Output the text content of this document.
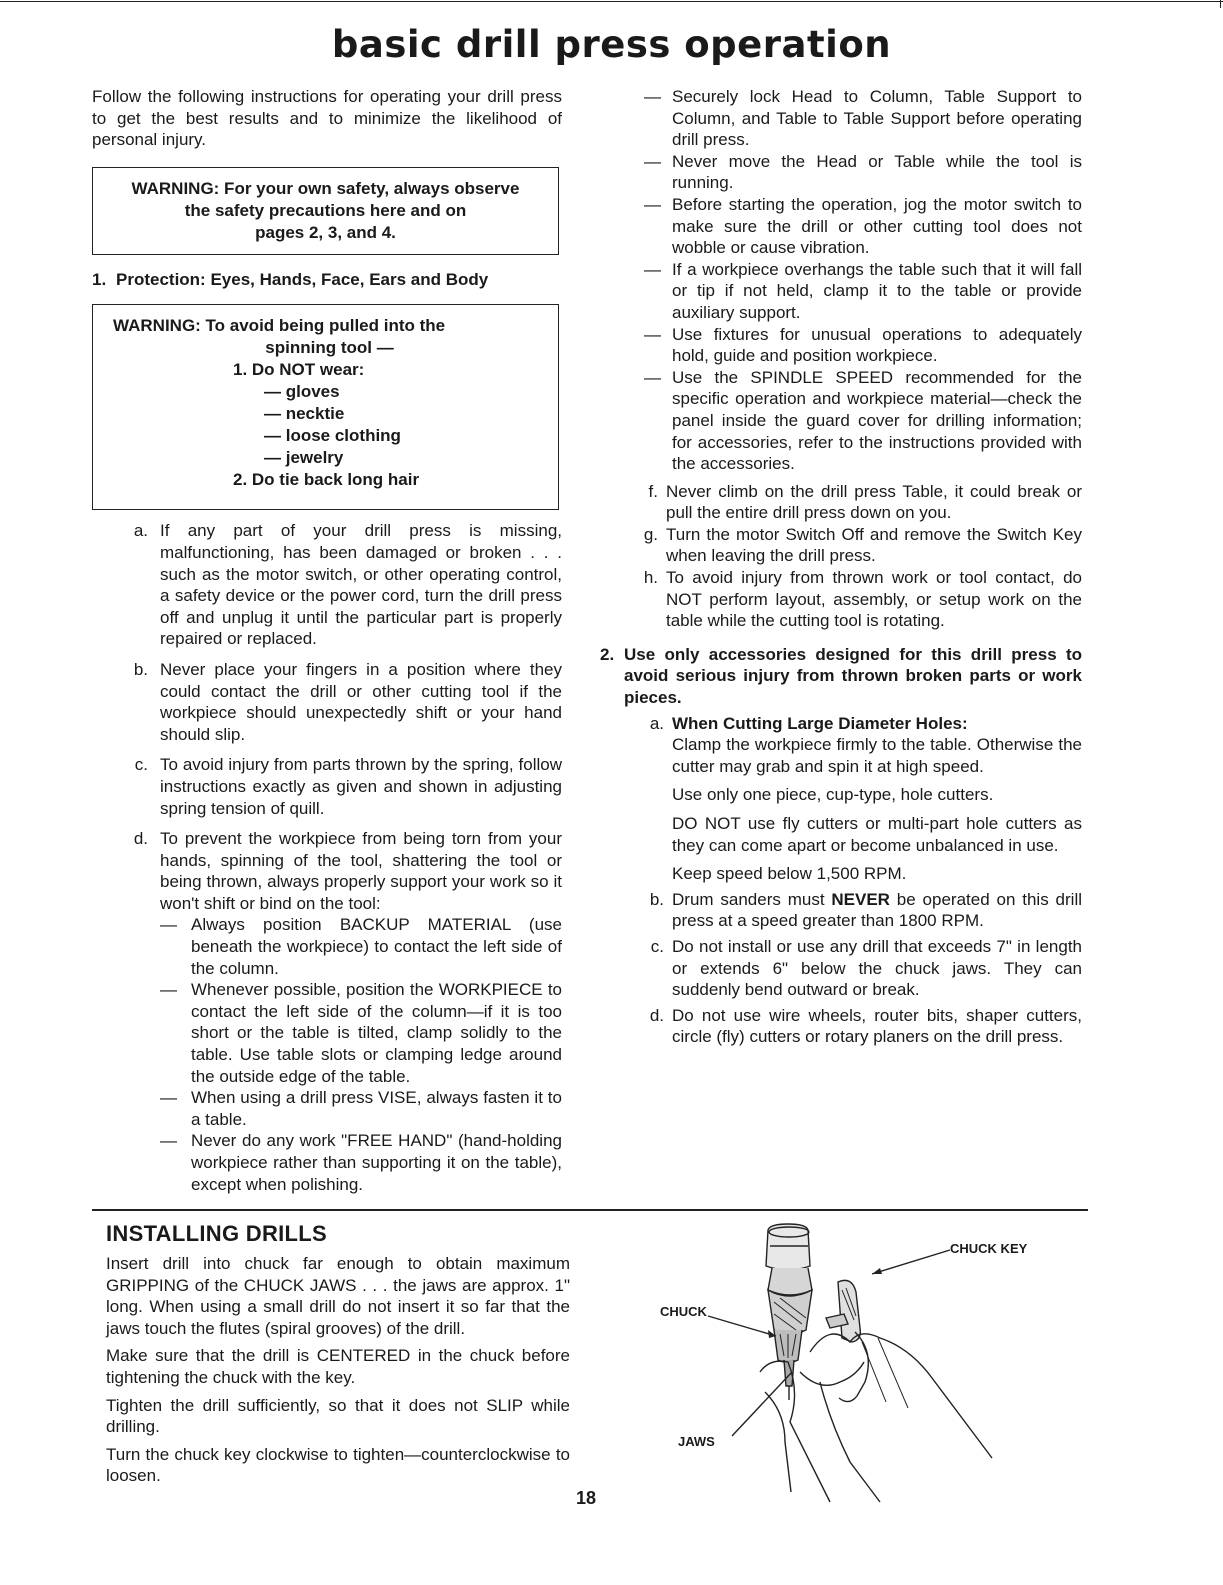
basic drill press operation

Follow the following instructions for operating your drill press to get the best results and to minimize the likelihood of personal injury.

WARNING: For your own safety, always observe
the safety precautions here and on
pages 2, 3, and 4.
1. Protection: Eyes, Hands, Face, Ears and Body
WARNING: To avoid being pulled into the
spinning tool —
1. Do NOT wear:
— gloves
— necktie
— loose clothing
— jewelry
2. Do tie back long hair
a. If any part of your drill press is missing, malfunctioning, has been damaged or broken . . . such as the motor switch, or other operating control, a safety device or the power cord, turn the drill press off and unplug it until the particular part is properly repaired or replaced.
b. Never place your fingers in a position where they could contact the drill or other cutting tool if the workpiece should unexpectedly shift or your hand should slip.
c. To avoid injury from parts thrown by the spring, follow instructions exactly as given and shown in adjusting spring tension of quill.
d. To prevent the workpiece from being torn from your hands, spinning of the tool, shattering the tool or being thrown, always properly support your work so it won't shift or bind on the tool:
— Always position BACKUP MATERIAL (use beneath the workpiece) to contact the left side of the column.
— Whenever possible, position the WORKPIECE to contact the left side of the column—if it is too short or the table is tilted, clamp solidly to the table. Use table slots or clamping ledge around the outside edge of the table.
— When using a drill press VISE, always fasten it to a table.
— Never do any work "FREE HAND" (hand-holding workpiece rather than supporting it on the table), except when polishing.
— Securely lock Head to Column, Table Support to Column, and Table to Table Support before operating drill press.
— Never move the Head or Table while the tool is running.
— Before starting the operation, jog the motor switch to make sure the drill or other cutting tool does not wobble or cause vibration.
— If a workpiece overhangs the table such that it will fall or tip if not held, clamp it to the table or provide auxiliary support.
— Use fixtures for unusual operations to adequately hold, guide and position workpiece.
— Use the SPINDLE SPEED recommended for the specific operation and workpiece material—check the panel inside the guard cover for drilling information; for accessories, refer to the instructions provided with the accessories.
f. Never climb on the drill press Table, it could break or pull the entire drill press down on you.
g. Turn the motor Switch Off and remove the Switch Key when leaving the drill press.
h. To avoid injury from thrown work or tool contact, do NOT perform layout, assembly, or setup work on the table while the cutting tool is rotating.
2. Use only accessories designed for this drill press to avoid serious injury from thrown broken parts or work pieces.
a. When Cutting Large Diameter Holes:

Clamp the workpiece firmly to the table. Otherwise the cutter may grab and spin it at high speed.

Use only one piece, cup-type, hole cutters.

DO NOT use fly cutters or multi-part hole cutters as they can come apart or become unbalanced in use.

Keep speed below 1,500 RPM.

b. Drum sanders must NEVER be operated on this drill press at a speed greater than 1800 RPM.
c. Do not install or use any drill that exceeds 7" in length or extends 6" below the chuck jaws. They can suddenly bend outward or break.
d. Do not use wire wheels, router bits, shaper cutters, circle (fly) cutters or rotary planers on the drill press.
INSTALLING DRILLS

Insert drill into chuck far enough to obtain maximum GRIPPING of the CHUCK JAWS . . . the jaws are approx. 1" long. When using a small drill do not insert it so far that the jaws touch the flutes (spiral grooves) of the drill.

Make sure that the drill is CENTERED in the chuck before tightening the chuck with the key.

Tighten the drill sufficiently, so that it does not SLIP while drilling.

Turn the chuck key clockwise to tighten—counterclockwise to loosen.

18
CHUCK KEY
CHUCK
JAWS
